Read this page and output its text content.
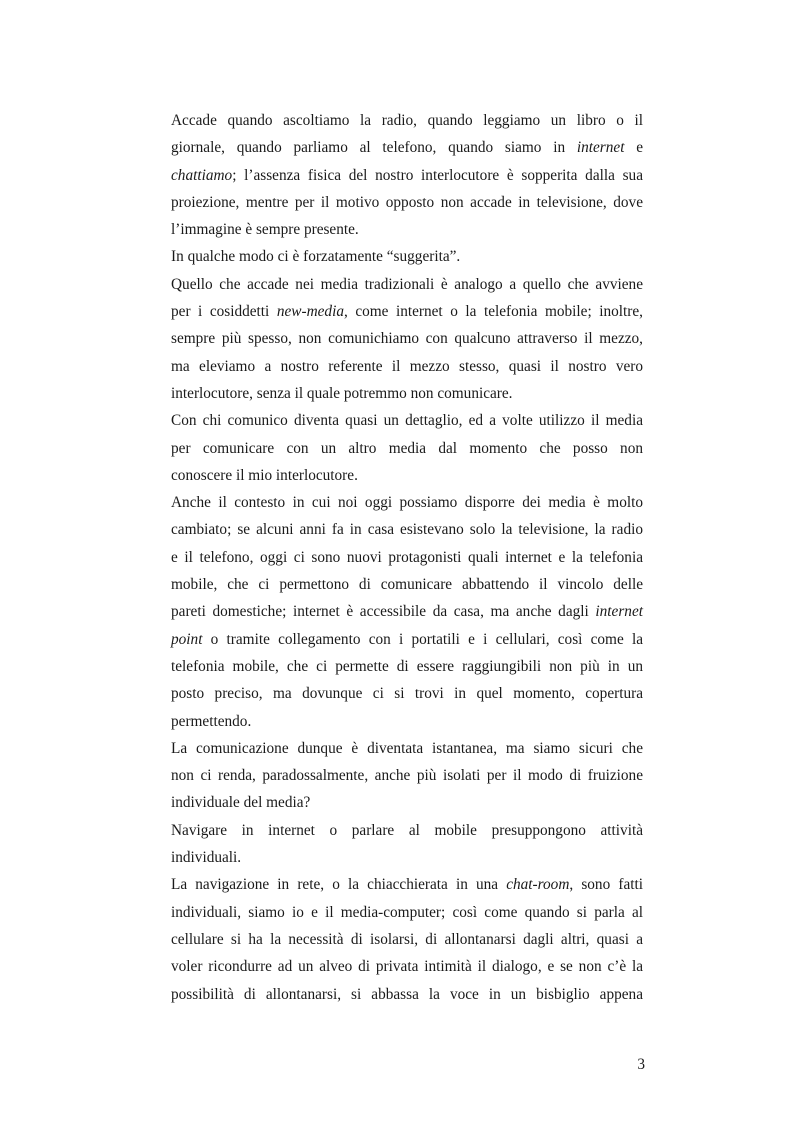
Accade quando ascoltiamo la radio, quando leggiamo un libro o il
giornale, quando parliamo al telefono, quando siamo in internet e
chattiamo; l’assenza fisica del nostro interlocutore è sopperita dalla sua
proiezione, mentre per il motivo opposto non accade in televisione, dove
l’immagine è sempre presente.
In qualche modo ci è forzatamente “suggerita”.
Quello che accade nei media tradizionali è analogo a quello che avviene
per i cosiddetti new-media, come internet o la telefonia mobile; inoltre,
sempre più spesso, non comunichiamo con qualcuno attraverso il mezzo,
ma eleviamo a nostro referente il mezzo stesso, quasi il nostro vero
interlocutore, senza il quale potremmo non comunicare.
Con chi comunico diventa quasi un dettaglio, ed a volte utilizzo il media
per comunicare con un altro media dal momento che posso non
conoscere il mio interlocutore.
Anche il contesto in cui noi oggi possiamo disporre dei media è molto
cambiato; se alcuni anni fa in casa esistevano solo la televisione, la radio
e il telefono, oggi ci sono nuovi protagonisti quali internet e la telefonia
mobile, che ci permettono di comunicare abbattendo il vincolo delle
pareti domestiche; internet è accessibile da casa, ma anche dagli internet
point o tramite collegamento con i portatili e i cellulari, così come la
telefonia mobile, che ci permette di essere raggiungibili non più in un
posto preciso, ma dovunque ci si trovi in quel momento, copertura
permettendo.
La comunicazione dunque è diventata istantanea, ma siamo sicuri che
non ci renda, paradossalmente, anche più isolati per il modo di fruizione
individuale del media?
Navigare in internet o parlare al mobile presuppongono attività
individuali.
La navigazione in rete, o la chiacchierata in una chat-room, sono fatti
individuali, siamo io e il media-computer; così come quando si parla al
cellulare si ha la necessità di isolarsi, di allontanarsi dagli altri, quasi a
voler ricondurre ad un alveo di privata intimità il dialogo, e se non c’è la
possibilità di allontanarsi, si abbassa la voce in un bisbiglio appena
3
